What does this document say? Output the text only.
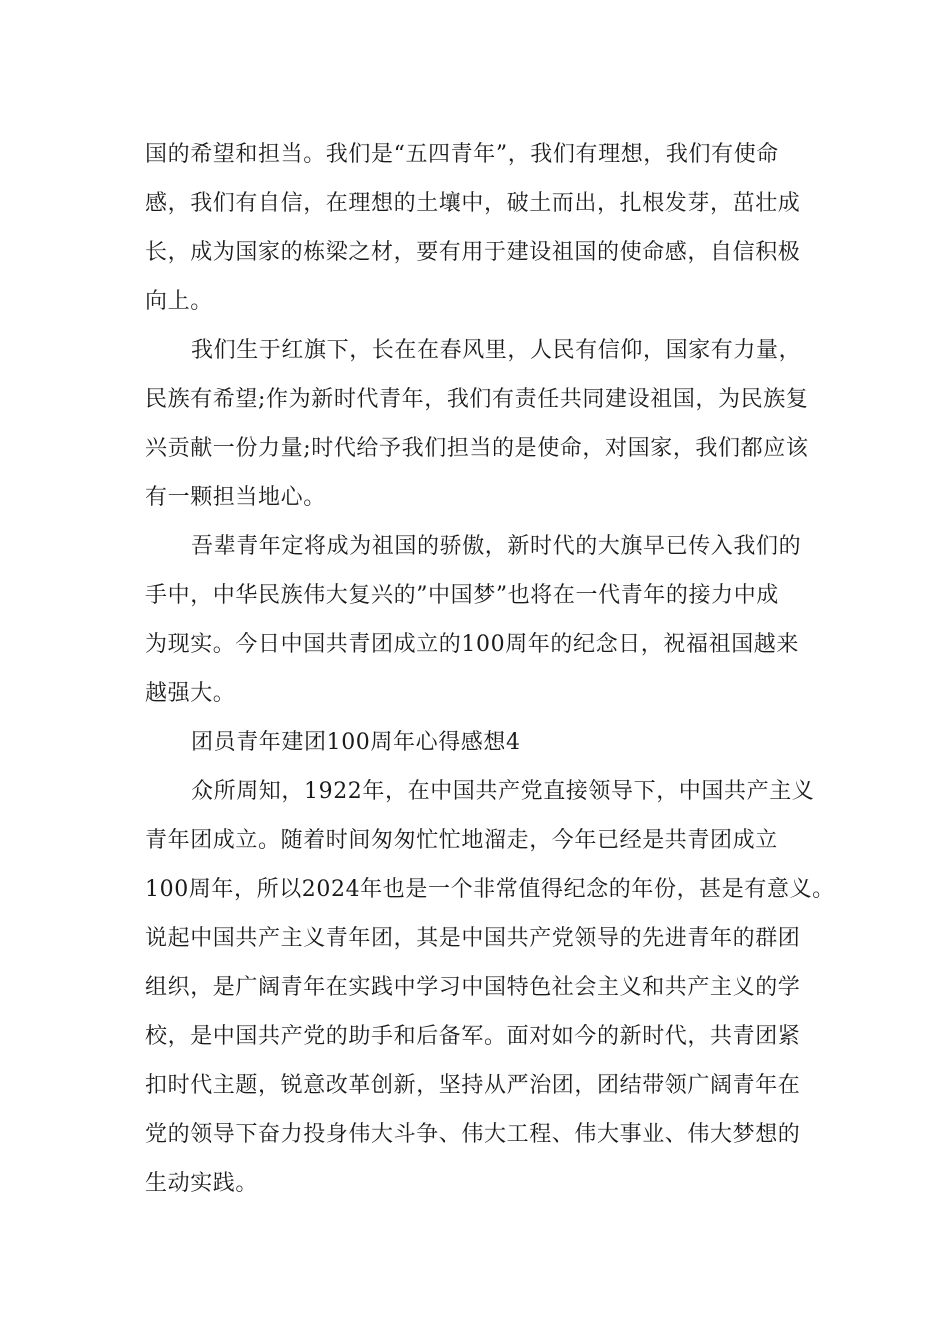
国的希望和担当。我们是“五四青年”，我们有理想，我们有使命
感，我们有自信，在理想的土壤中，破土而出，扎根发芽，茁壮成
长，成为国家的栋梁之材，要有用于建设祖国的使命感，自信积极
向上。
我们生于红旗下，长在在春风里，人民有信仰，国家有力量，
民族有希望;作为新时代青年，我们有责任共同建设祖国，为民族复
兴贡献一份力量;时代给予我们担当的是使命，对国家，我们都应该
有一颗担当地心。
吾辈青年定将成为祖国的骄傲，新时代的大旗早已传入我们的
手中，中华民族伟大复兴的”中国梦”也将在一代青年的接力中成
为现实。今日中国共青团成立的100周年的纪念日，祝福祖国越来
越强大。
团员青年建团100周年心得感想4
众所周知，1922年，在中国共产党直接领导下，中国共产主义
青年团成立。随着时间匆匆忙忙地溜走，今年已经是共青团成立
100周年，所以2024年也是一个非常值得纪念的年份，甚是有意义。
说起中国共产主义青年团，其是中国共产党领导的先进青年的群团
组织，是广阔青年在实践中学习中国特色社会主义和共产主义的学
校，是中国共产党的助手和后备军。面对如今的新时代，共青团紧
扣时代主题，锐意改革创新，坚持从严治团，团结带领广阔青年在
党的领导下奋力投身伟大斗争、伟大工程、伟大事业、伟大梦想的
生动实践。
